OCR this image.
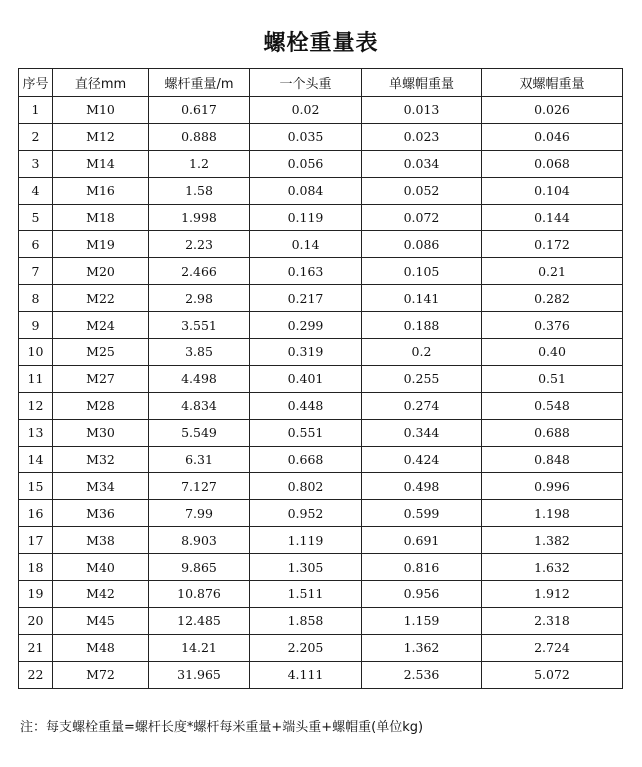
螺栓重量表
序号	直径mm	螺杆重量/m	一个头重	单螺帽重量	双螺帽重量
1	M10	0.617	0.02	0.013	0.026
2	M12	0.888	0.035	0.023	0.046
3	M14	1.2	0.056	0.034	0.068
4	M16	1.58	0.084	0.052	0.104
5	M18	1.998	0.119	0.072	0.144
6	M19	2.23	0.14	0.086	0.172
7	M20	2.466	0.163	0.105	0.21
8	M22	2.98	0.217	0.141	0.282
9	M24	3.551	0.299	0.188	0.376
10	M25	3.85	0.319	0.2	0.40
11	M27	4.498	0.401	0.255	0.51
12	M28	4.834	0.448	0.274	0.548
13	M30	5.549	0.551	0.344	0.688
14	M32	6.31	0.668	0.424	0.848
15	M34	7.127	0.802	0.498	0.996
16	M36	7.99	0.952	0.599	1.198
17	M38	8.903	1.119	0.691	1.382
18	M40	9.865	1.305	0.816	1.632
19	M42	10.876	1.511	0.956	1.912
20	M45	12.485	1.858	1.159	2.318
21	M48	14.21	2.205	1.362	2.724
22	M72	31.965	4.111	2.536	5.072
注：每支螺栓重量=螺杆长度*螺杆每米重量+端头重+螺帽重(单位kg)
